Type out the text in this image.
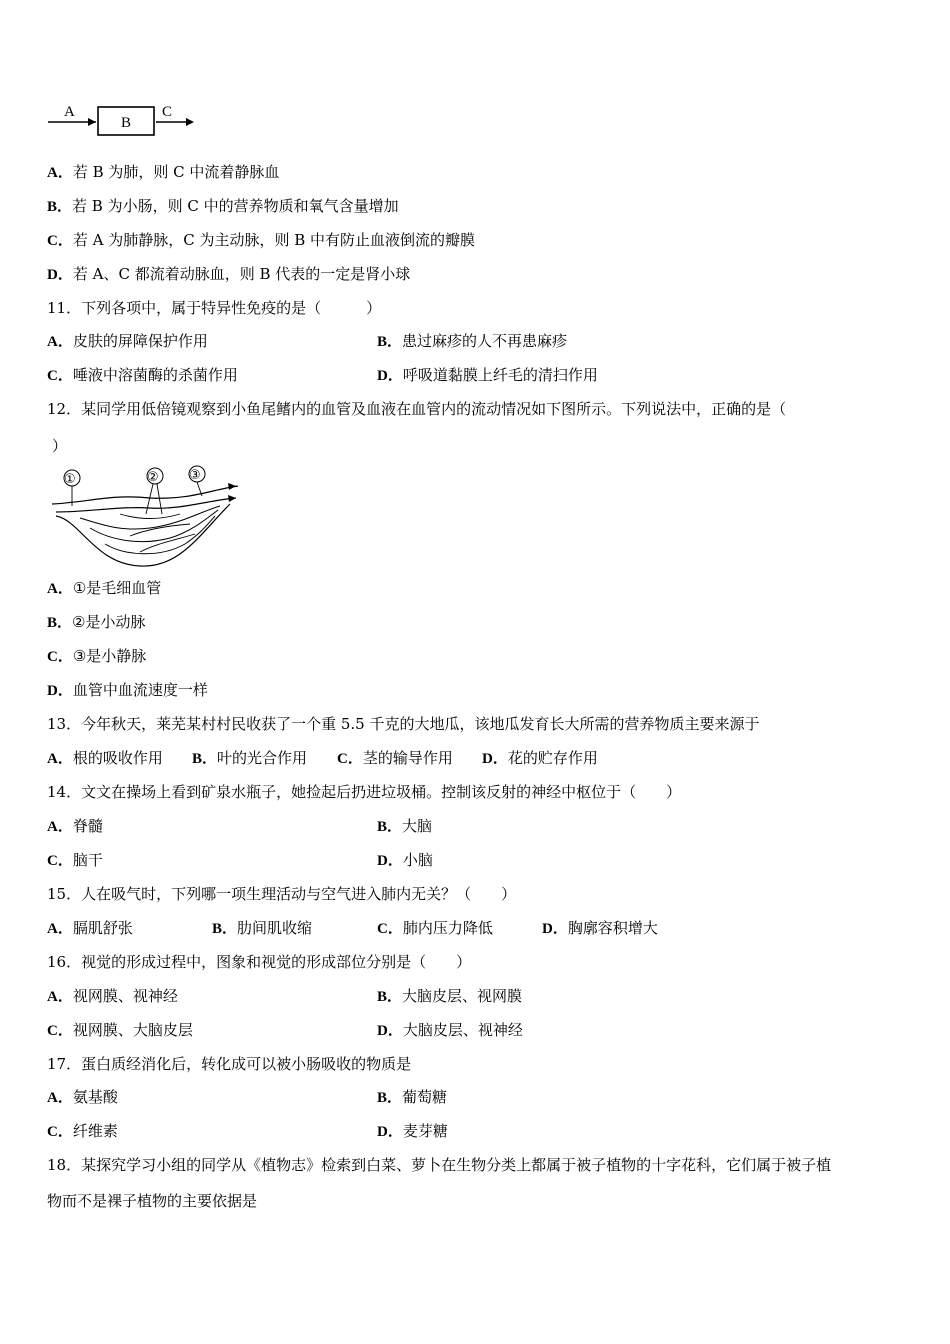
A
B
C
A．若 B 为肺，则 C 中流着静脉血
B．若 B 为小肠，则 C 中的营养物质和氧气含量增加
C．若 A 为肺静脉，C 为主动脉，则 B 中有防止血液倒流的瓣膜
D．若 A、C 都流着动脉血，则 B 代表的一定是肾小球
11．下列各项中，属于特异性免疫的是（　　　）
A．皮肤的屏障保护作用	B．患过麻疹的人不再患麻疹
C．唾液中溶菌酶的杀菌作用	D．呼吸道黏膜上纤毛的清扫作用
12．某同学用低倍镜观察到小鱼尾鳍内的血管及血液在血管内的流动情况如下图所示。下列说法中，正确的是（
）
①	② ③
A．①是毛细血管
B．②是小动脉
C．③是小静脉
D．血管中血流速度一样
13．今年秋天，莱芜某村村民收获了一个重 5.5 千克的大地瓜，该地瓜发育长大所需的营养物质主要来源于
A．根的吸收作用 B．叶的光合作用 C．茎的输导作用 D．花的贮存作用
14．文文在操场上看到矿泉水瓶子，她捡起后扔进垃圾桶。控制该反射的神经中枢位于（　　）
A．脊髓	B．大脑
C．脑干	D．小脑
15．人在吸气时，下列哪一项生理活动与空气进入肺内无关？（　　）
A．膈肌舒张	B．肋间肌收缩	C．肺内压力降低	D．胸廓容积增大
16．视觉的形成过程中，图象和视觉的形成部位分别是（　　）
A．视网膜、视神经	B．大脑皮层、视网膜
C．视网膜、大脑皮层	D．大脑皮层、视神经
17．蛋白质经消化后，转化成可以被小肠吸收的物质是
A．氨基酸	B．葡萄糖
C．纤维素	D．麦芽糖
18．某探究学习小组的同学从《植物志》检索到白菜、萝卜在生物分类上都属于被子植物的十字花科，它们属于被子植
物而不是裸子植物的主要依据是
